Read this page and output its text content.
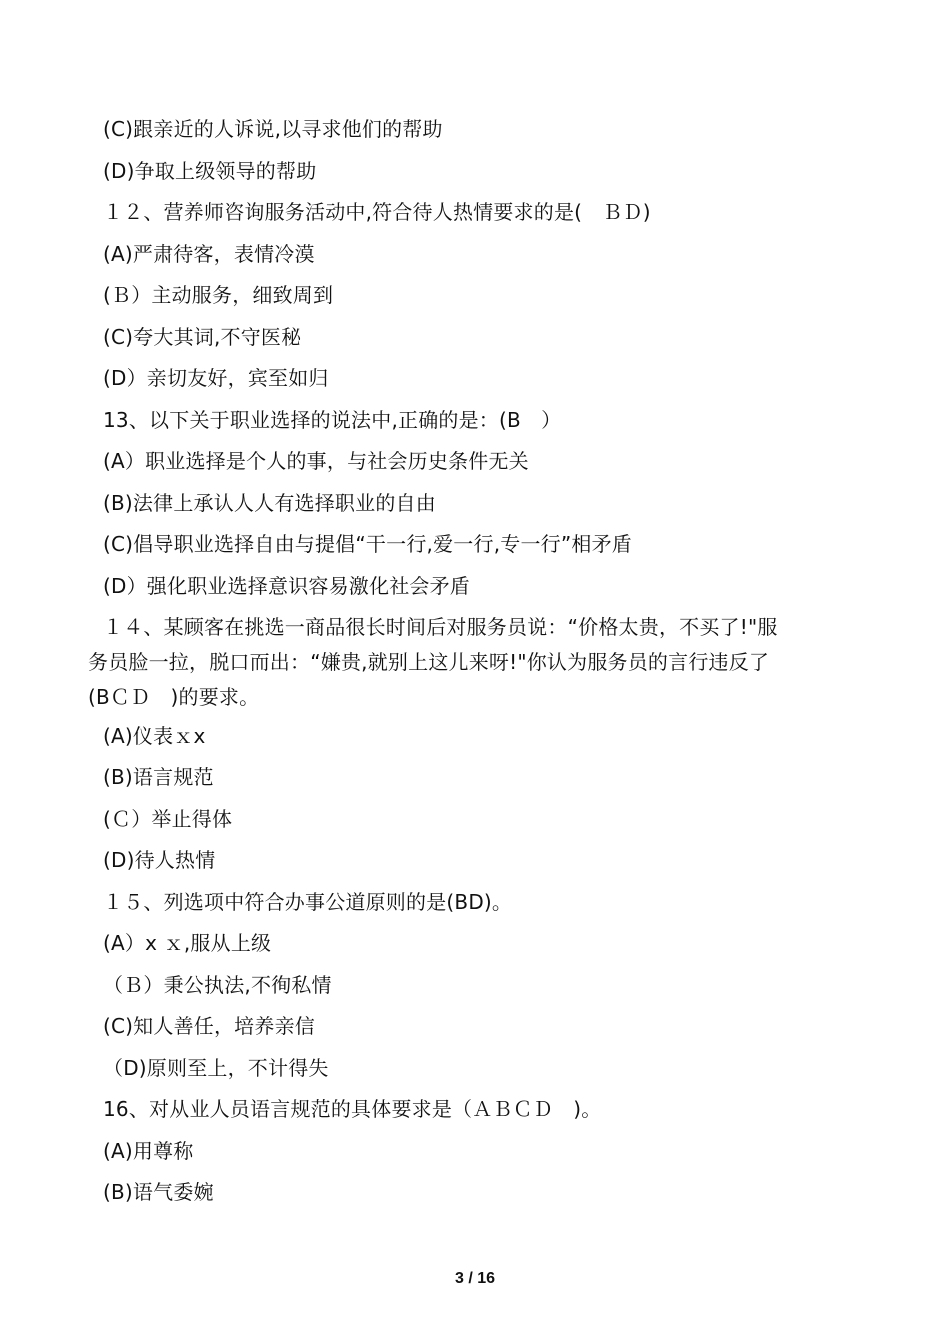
(C)跟亲近的人诉说,以寻求他们的帮助
(D)争取上级领导的帮助
１２、营养师咨询服务活动中,符合待人热情要求的是(　ＢＤ)
(A)严肃待客，表情冷漠
(Ｂ）主动服务，细致周到
(C)夸大其词,不守医秘
(D）亲切友好，宾至如归
13、以下关于职业选择的说法中,正确的是：(B　）
(A）职业选择是个人的事，与社会历史条件无关
(B)法律上承认人人有选择职业的自由
(C)倡导职业选择自由与提倡“干一行,爱一行,专一行”相矛盾
(D）强化职业选择意识容易激化社会矛盾
１４、某顾客在挑选一商品很长时间后对服务员说：“价格太贵，不买了!"服
务员脸一拉，脱口而出：“嫌贵,就别上这儿来呀!"你认为服务员的言行违反了
(BＣＤ　)的要求。
(A)仪表ｘx
(B)语言规范
(Ｃ）举止得体
(D)待人热情
１５、列选项中符合办事公道原则的是(BD)。
(A）x ｘ,服从上级
（Ｂ）秉公执法,不徇私情
(C)知人善任，培养亲信
（D)原则至上，不计得失
16、对从业人员语言规范的具体要求是（ＡＢＣＤ　)。
(A)用尊称
(B)语气委婉
3 / 16
